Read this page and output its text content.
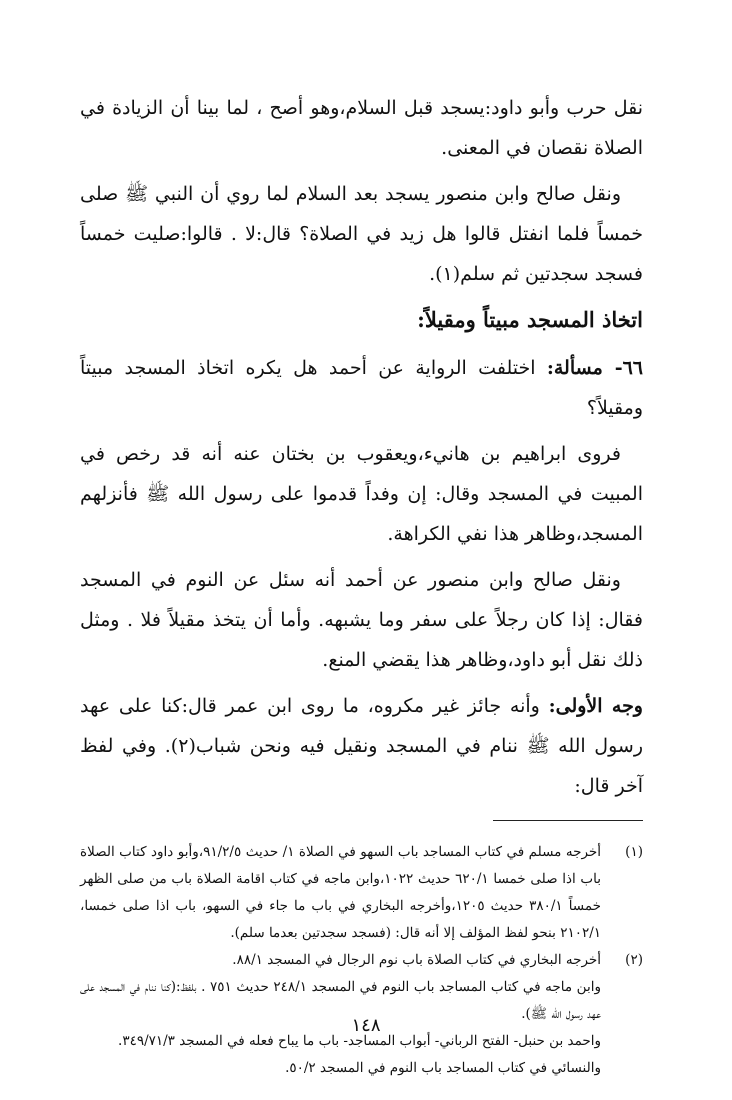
نقل حرب وأبو داود:يسجد قبل السلام،وهو أصح ، لما بينا أن الزيادة في الصلاة نقصان في المعنى.

ونقل صالح وابن منصور يسجد بعد السلام لما روي أن النبي ﷺ صلى خمساً فلما انفتل قالوا هل زيد في الصلاة؟ قال:لا . قالوا:صليت خمساً فسجد سجدتين ثم سلم(١).

اتخاذ المسجد مبيتاً ومقيلاً:

٦٦- مسألة: اختلفت الرواية عن أحمد هل يكره اتخاذ المسجد مبيتاً ومقيلاً؟

فروى ابراهيم بن هانيء،ويعقوب بن بختان عنه أنه قد رخص في المبيت في المسجد وقال: إن وفداً قدموا على رسول الله ﷺ فأنزلهم المسجد،وظاهر هذا نفي الكراهة.

ونقل صالح وابن منصور عن أحمد أنه سئل عن النوم في المسجد فقال: إذا كان رجلاً على سفر وما يشبهه. وأما أن يتخذ مقيلاً فلا . ومثل ذلك نقل أبو داود،وظاهر هذا يقضي المنع.

وجه الأولى: وأنه جائز غير مكروه، ما روى ابن عمر قال:كنا على عهد رسول الله ﷺ ننام في المسجد ونقيل فيه ونحن شباب(٢). وفي لفظ آخر قال:

(١)
أخرجه مسلم في كتاب المساجد باب السهو في الصلاة ١/ حديث ٩١/٢/٥،وأبو داود كتاب الصلاة باب اذا صلى خمسا ٦٢٠/١ حديث ١٠٢٢،وابن ماجه في كتاب اقامة الصلاة باب من صلى الظهر خمساً ٣٨٠/١ حديث ١٢٠٥،وأخرجه البخاري في باب ما جاء في السهو، باب اذا صلى خمسا، ٢١٠٢/١ بنحو لفظ المؤلف إلا أنه قال: (فسجد سجدتين بعدما سلم).
(٢)
أخرجه البخاري في كتاب الصلاة باب نوم الرجال في المسجد ٨٨/١.
وابن ماجه في كتاب المساجد باب النوم في المسجد ٢٤٨/١ حديث ٧٥١ . بلفظ:(كنا ننام في المسجد على عهد رسول الله ﷺ).
واحمد بن حنبل- الفتح الرباني- أبواب المساجد- باب ما يباح فعله في المسجد ٣٤٩/٧١/٣.
والنسائي في كتاب المساجد باب النوم في المسجد ٥٠/٢.
١٤٨
